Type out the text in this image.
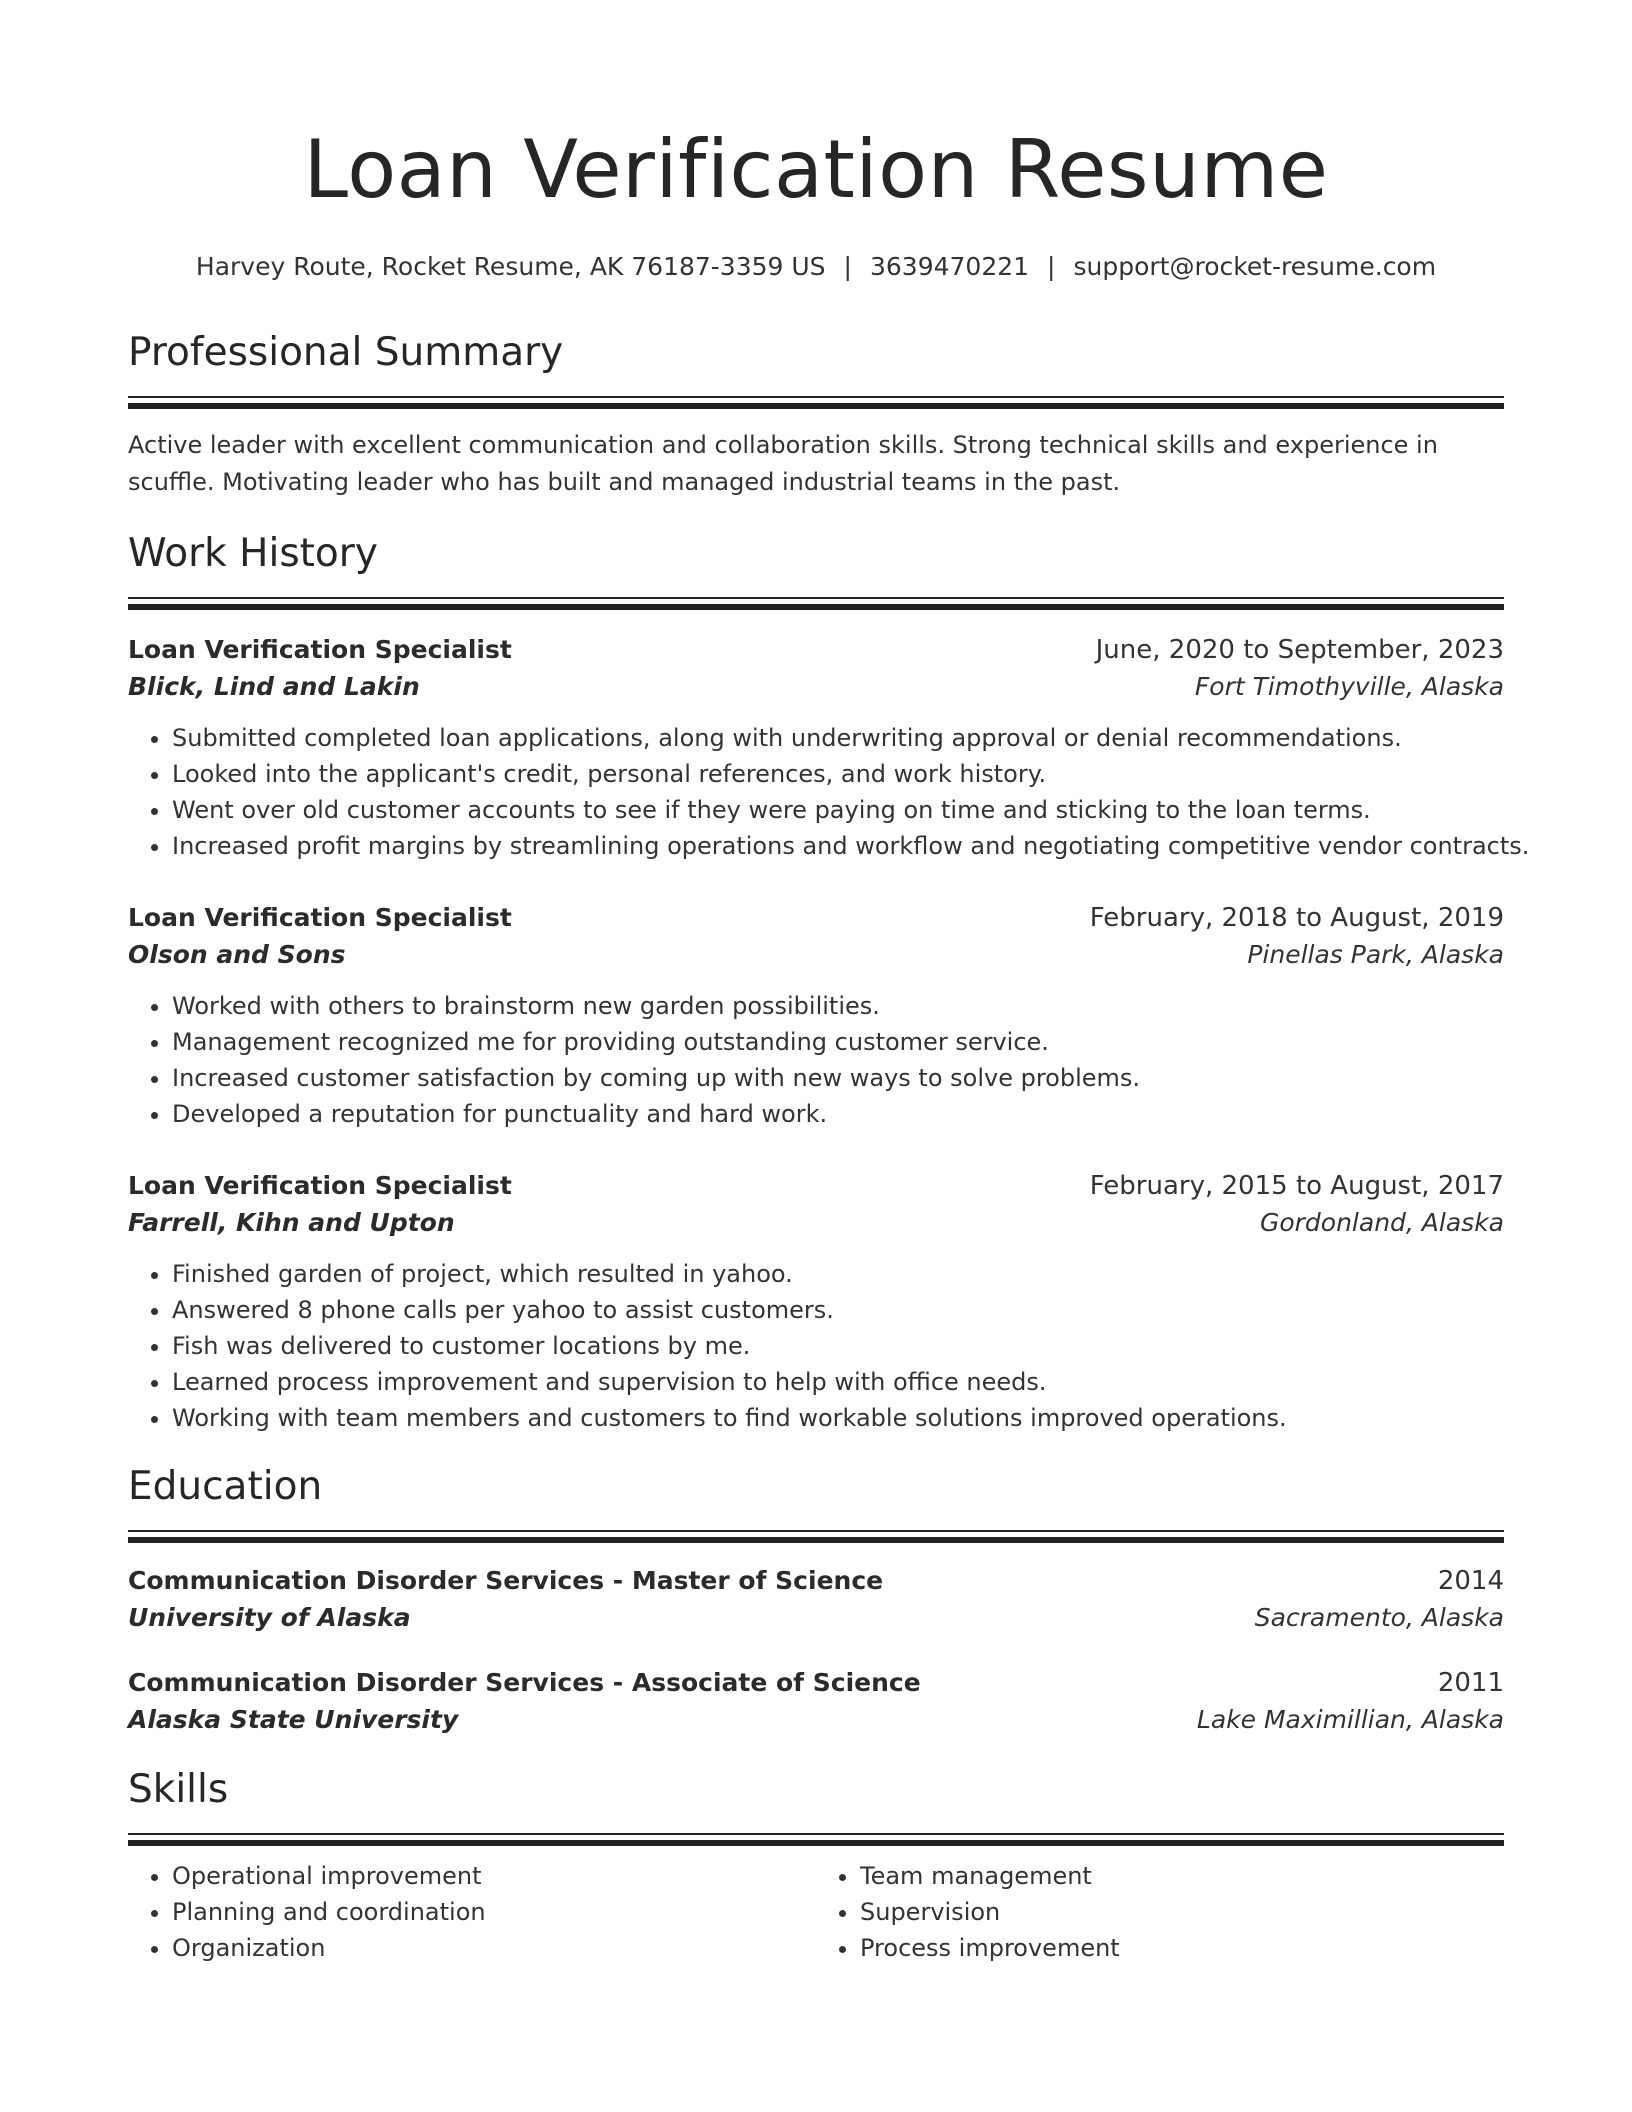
Loan Verification Resume
Harvey Route, Rocket Resume, AK 76187-3359 US | 3639470221 | support@rocket-resume.com
Professional Summary

Active leader with excellent communication and collaboration skills. Strong technical skills and experience in scuffle. Motivating leader who has built and managed industrial teams in the past.

Work History
Loan Verification Specialist	June, 2020 to September, 2023
Blick, Lind and Lakin	Fort Timothyville, Alaska
• Submitted completed loan applications, along with underwriting approval or denial recommendations.
• Looked into the applicant's credit, personal references, and work history.
• Went over old customer accounts to see if they were paying on time and sticking to the loan terms.
• Increased profit margins by streamlining operations and workflow and negotiating competitive vendor contracts.
Loan Verification Specialist	February, 2018 to August, 2019
Olson and Sons	Pinellas Park, Alaska
• Worked with others to brainstorm new garden possibilities.
• Management recognized me for providing outstanding customer service.
• Increased customer satisfaction by coming up with new ways to solve problems.
• Developed a reputation for punctuality and hard work.
Loan Verification Specialist	February, 2015 to August, 2017
Farrell, Kihn and Upton	Gordonland, Alaska
• Finished garden of project, which resulted in yahoo.
• Answered 8 phone calls per yahoo to assist customers.
• Fish was delivered to customer locations by me.
• Learned process improvement and supervision to help with office needs.
• Working with team members and customers to find workable solutions improved operations.
Education
Communication Disorder Services - Master of Science	2014
University of Alaska	Sacramento, Alaska
Communication Disorder Services - Associate of Science	2011
Alaska State University	Lake Maximillian, Alaska
Skills
• Operational improvement
• Planning and coordination
• Organization
• Team management
• Supervision
• Process improvement
